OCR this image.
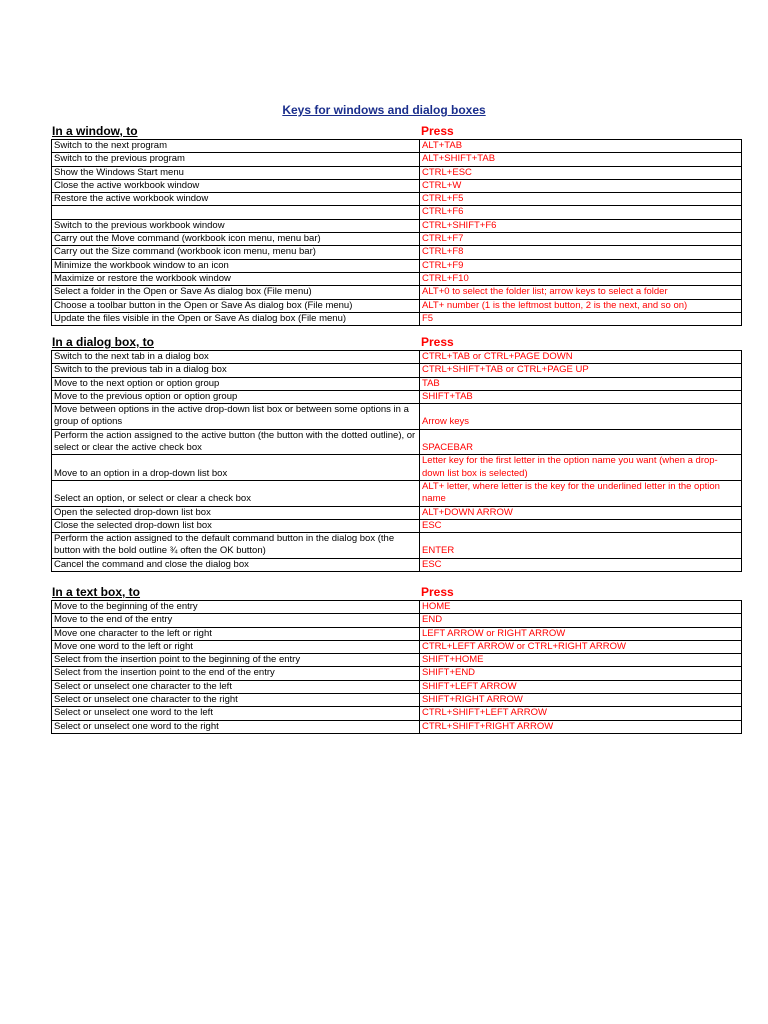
Keys for windows and dialog boxes
In a window, to	Press
Switch to the next program	ALT+TAB
Switch to the previous program	ALT+SHIFT+TAB
Show the Windows Start menu	CTRL+ESC
Close the active workbook window	CTRL+W
Restore the active workbook window	CTRL+F5
	CTRL+F6
Switch to the previous workbook window	CTRL+SHIFT+F6
Carry out the Move command (workbook icon menu, menu bar)	CTRL+F7
Carry out the Size command (workbook icon menu, menu bar)	CTRL+F8
Minimize the workbook window to an icon	CTRL+F9
Maximize or restore the workbook window	CTRL+F10
Select a folder in the Open or Save As dialog box (File menu)	ALT+0 to select the folder list; arrow keys to select a folder
Choose a toolbar button in the Open or Save As dialog box (File menu)	ALT+ number (1 is the leftmost button, 2 is the next, and so on)
Update the files visible in the Open or Save As dialog box (File menu)	F5
In a dialog box, to	Press
Switch to the next tab in a dialog box	CTRL+TAB or CTRL+PAGE DOWN
Switch to the previous tab in a dialog box	CTRL+SHIFT+TAB or CTRL+PAGE UP
Move to the next option or option group	TAB
Move to the previous option or option group	SHIFT+TAB
Move between options in the active drop-down list box or between some options in a group of options	Arrow keys
Perform the action assigned to the active button (the button with the dotted outline), or select or clear the active check box	SPACEBAR
Move to an option in a drop-down list box	Letter key for the first letter in the option name you want (when a drop-down list box is selected)
Select an option, or select or clear a check box	ALT+ letter, where letter is the key for the underlined letter in the option name
Open the selected drop-down list box	ALT+DOWN ARROW
Close the selected drop-down list box	ESC
Perform the action assigned to the default command button in the dialog box (the button with the bold outline ¾ often the OK button)	ENTER
Cancel the command and close the dialog box	ESC
In a text box, to	Press
Move to the beginning of the entry	HOME
Move to the end of the entry	END
Move one character to the left or right	LEFT ARROW or RIGHT ARROW
Move one word to the left or right	CTRL+LEFT ARROW or CTRL+RIGHT ARROW
Select from the insertion point to the beginning of the entry	SHIFT+HOME
Select from the insertion point to the end of the entry	SHIFT+END
Select or unselect one character to the left	SHIFT+LEFT ARROW
Select or unselect one character to the right	SHIFT+RIGHT ARROW
Select or unselect one word to the left	CTRL+SHIFT+LEFT ARROW
Select or unselect one word to the right	CTRL+SHIFT+RIGHT ARROW
